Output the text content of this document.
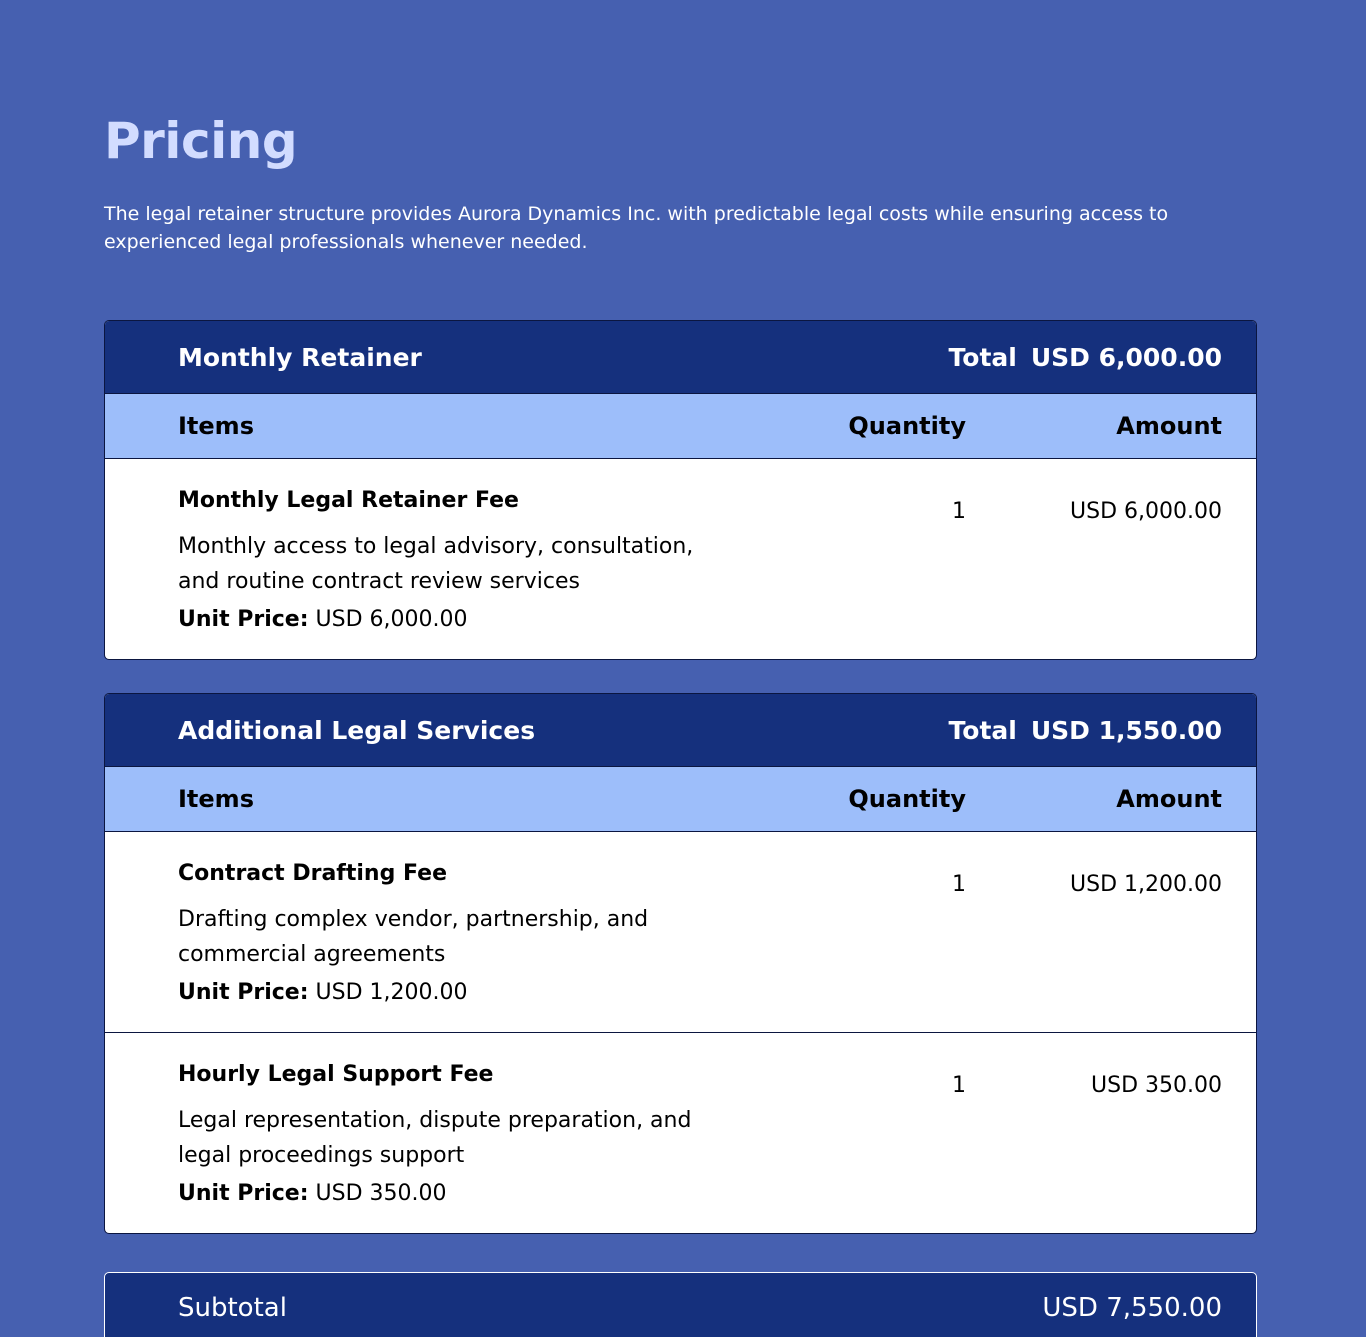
Pricing

The legal retainer structure provides Aurora Dynamics Inc. with predictable legal costs while ensuring access to experienced legal professionals whenever needed.

Monthly Retainer	Total USD 6,000.00
Items	Quantity	Amount
Monthly Legal Retainer Fee
Monthly access to legal advisory, consultation, and routine contract review services
Unit Price: USD 6,000.00
1	USD 6,000.00
Additional Legal Services	Total USD 1,550.00
Items	Quantity	Amount
Contract Drafting Fee
Drafting complex vendor, partnership, and commercial agreements
Unit Price: USD 1,200.00
1	USD 1,200.00
Hourly Legal Support Fee
Legal representation, dispute preparation, and legal proceedings support
Unit Price: USD 350.00
1	USD 350.00
Subtotal	USD 7,550.00
